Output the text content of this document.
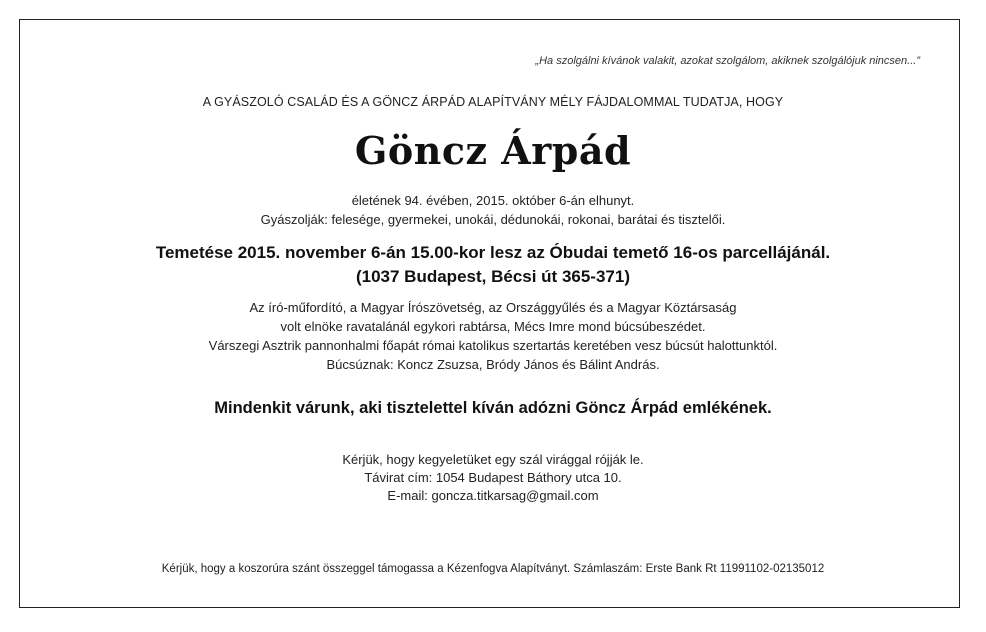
„Ha szolgálni kívánok valakit, azokat szolgálom, akiknek szolgálójuk nincsen...”
A GYÁSZOLÓ CSALÁD ÉS A GÖNCZ ÁRPÁD ALAPÍTVÁNY MÉLY FÁJDALOMMAL TUDATJA, HOGY
Göncz Árpád
életének 94. évében, 2015. október 6-án elhunyt.
Gyászolják: felesége, gyermekei, unokái, dédunokái, rokonai, barátai és tisztelői.
Temetése 2015. november 6-án 15.00-kor lesz az Óbudai temető 16-os parcellájánál.
(1037 Budapest, Bécsi út 365-371)
Az író-műfordító, a Magyar Írószövetség, az Országgyűlés és a Magyar Köztársaság
volt elnöke ravatalánál egykori rabtársa, Mécs Imre mond búcsúbeszédet.
Várszegi Asztrik pannonhalmi főapát római katolikus szertartás keretében vesz búcsút halottunktól.
Búcsúznak: Koncz Zsuzsa, Bródy János és Bálint András.
Mindenkit várunk, aki tisztelettel kíván adózni Göncz Árpád emlékének.
Kérjük, hogy kegyeletüket egy szál virággal rójják le.
Távirat cím: 1054 Budapest Báthory utca 10.
E-mail: goncza.titkarsag@gmail.com
Kérjük, hogy a koszorúra szánt összeggel támogassa a Kézenfogva Alapítványt. Számlaszám: Erste Bank Rt 11991102-02135012
